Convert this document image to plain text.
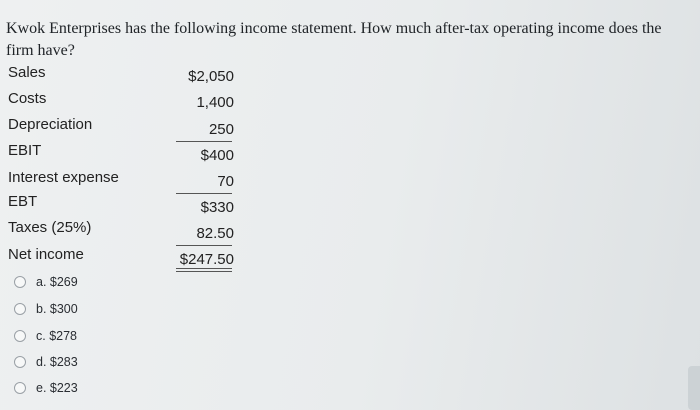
Kwok Enterprises has the following income statement. How much after-tax operating income does the firm have?

Sales
Costs
Depreciation
EBIT
Interest expense
EBT
Taxes (25%)
Net income
$2,050
1,400
250
$400
70
$330
82.50
$247.50
a. $269
b. $300
c. $278
d. $283
e. $223
